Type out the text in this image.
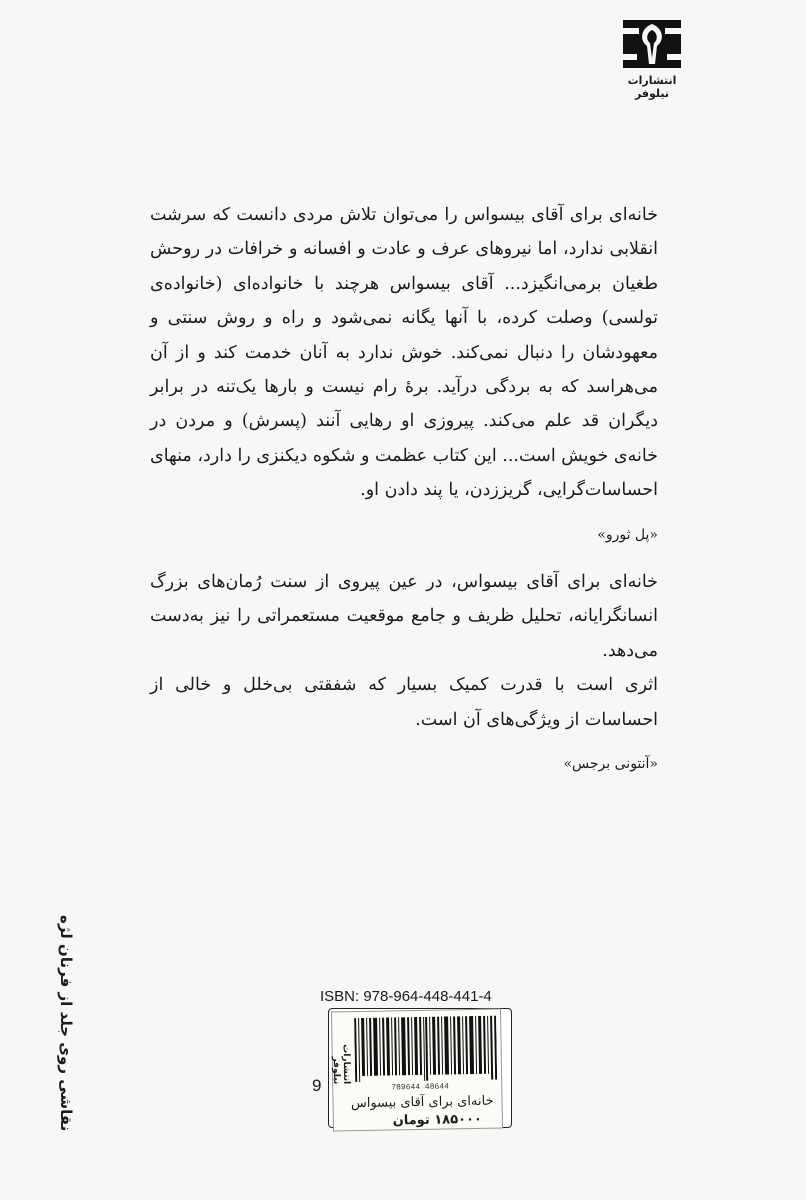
انتشارات نیلوفر

خانه‌ای برای آقای بیسواس را می‌توان تلاش مردی دانست که سرشت انقلابی ندارد، اما نیروهای عرف و عادت و افسانه و خرافات در روحش طغیان برمی‌انگیزد... آقای بیسواس هرچند با خانواده‌ای (خانواده‌ی تولسی) وصلت کرده، با آنها یگانه نمی‌شود و راه و روش سنتی و معهودشان را دنبال نمی‌کند. خوش ندارد به آنان خدمت کند و از آن می‌هراسد که به بردگی درآید. برهٔ رام نیست و بارها یک‌تنه در برابر دیگران قد علم می‌کند. پیروزی او رهایی آنند (پسرش) و مردن در خانه‌ی خویش است... این کتاب عظمت و شکوه دیکنزی را دارد، منهای احساسات‌گرایی، گریززدن، یا پند دادن او.

«پل ثورو»

خانه‌ای برای آقای بیسواس، در عین پیروی از سنت رُمان‌های بزرگ انسانگرایانه، تحلیل ظریف و جامع موقعیت مستعمراتی را نیز به‌دست می‌دهد.

اثری است با قدرت کمیک بسیار که شفقتی بی‌خلل و خالی از احساسات از ویژگی‌های آن است.

«آنتونی برجس»

نقاشی روی جلد از فرنان لژه	ISBN: 978-964-448-441-4
9
انتشارات نیلوفر
789644 48644
خانه‌ای برای آقای بیسواس
۱۸۵۰۰۰ تومان
